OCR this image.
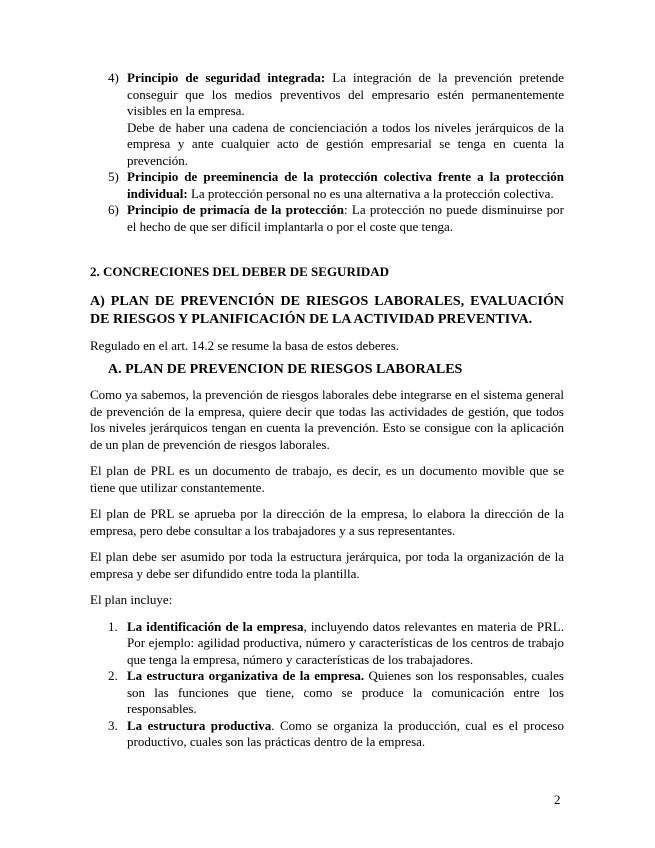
4) Principio de seguridad integrada: La integración de la prevención pretende conseguir que los medios preventivos del empresario estén permanentemente visibles en la empresa.

Debe de haber una cadena de concienciación a todos los niveles jerárquicos de la empresa y ante cualquier acto de gestión empresarial se tenga en cuenta la prevención.

5) Principio de preeminencia de la protección colectiva frente a la protección individual: La protección personal no es una alternativa a la protección colectiva.

6) Principio de primacía de la protección: La protección no puede disminuirse por el hecho de que ser difícil implantarla o por el coste que tenga.

2. CONCRECIONES DEL DEBER DE SEGURIDAD

A) PLAN DE PREVENCIÓN DE RIESGOS LABORALES, EVALUACIÓN DE RIESGOS Y PLANIFICACIÓN DE LA ACTIVIDAD PREVENTIVA.

Regulado en el art. 14.2 se resume la basa de estos deberes.

A. PLAN DE PREVENCION DE RIESGOS LABORALES

Como ya sabemos, la prevención de riesgos laborales debe integrarse en el sistema general de prevención de la empresa, quiere decir que todas las actividades de gestión, que todos los niveles jerárquicos tengan en cuenta la prevención. Esto se consigue con la aplicación de un plan de prevención de riesgos laborales.

El plan de PRL es un documento de trabajo, es decir, es un documento movible que se tiene que utilizar constantemente.

El plan de PRL se aprueba por la dirección de la empresa, lo elabora la dirección de la empresa, pero debe consultar a los trabajadores y a sus representantes.

El plan debe ser asumido por toda la estructura jerárquica, por toda la organización de la empresa y debe ser difundido entre toda la plantilla.

El plan incluye:

1. La identificación de la empresa, incluyendo datos relevantes en materia de PRL. Por ejemplo: agilidad productiva, número y características de los centros de trabajo que tenga la empresa, número y características de los trabajadores.

2. La estructura organizativa de la empresa. Quienes son los responsables, cuales son las funciones que tiene, como se produce la comunicación entre los responsables.

3. La estructura productiva. Como se organiza la producción, cual es el proceso productivo, cuales son las prácticas dentro de la empresa.

2
